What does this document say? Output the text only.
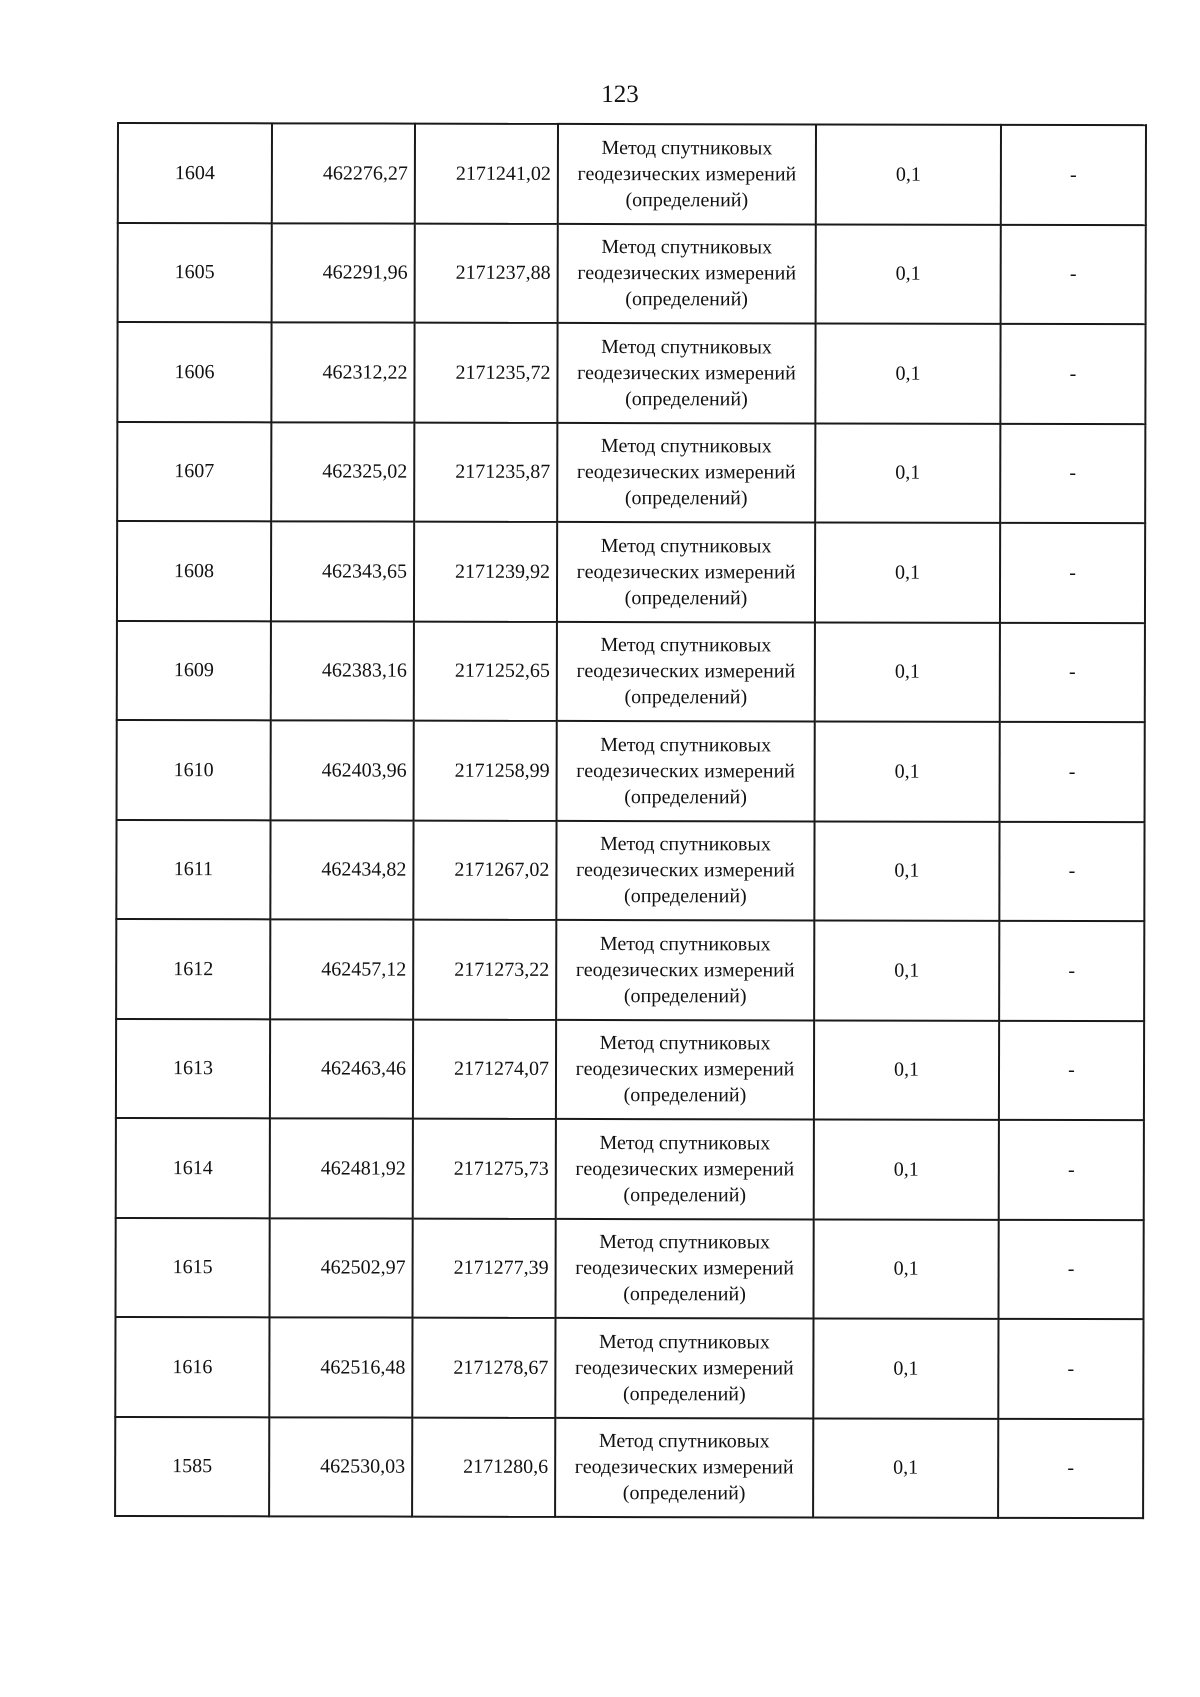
123
1604	462276,27	2171241,02	Метод спутниковых
геодезических измерений
(определений)	0,1	-
1605	462291,96	2171237,88	Метод спутниковых
геодезических измерений
(определений)	0,1	-
1606	462312,22	2171235,72	Метод спутниковых
геодезических измерений
(определений)	0,1	-
1607	462325,02	2171235,87	Метод спутниковых
геодезических измерений
(определений)	0,1	-
1608	462343,65	2171239,92	Метод спутниковых
геодезических измерений
(определений)	0,1	-
1609	462383,16	2171252,65	Метод спутниковых
геодезических измерений
(определений)	0,1	-
1610	462403,96	2171258,99	Метод спутниковых
геодезических измерений
(определений)	0,1	-
1611	462434,82	2171267,02	Метод спутниковых
геодезических измерений
(определений)	0,1	-
1612	462457,12	2171273,22	Метод спутниковых
геодезических измерений
(определений)	0,1	-
1613	462463,46	2171274,07	Метод спутниковых
геодезических измерений
(определений)	0,1	-
1614	462481,92	2171275,73	Метод спутниковых
геодезических измерений
(определений)	0,1	-
1615	462502,97	2171277,39	Метод спутниковых
геодезических измерений
(определений)	0,1	-
1616	462516,48	2171278,67	Метод спутниковых
геодезических измерений
(определений)	0,1	-
1585	462530,03	2171280,6	Метод спутниковых
геодезических измерений
(определений)	0,1	-
